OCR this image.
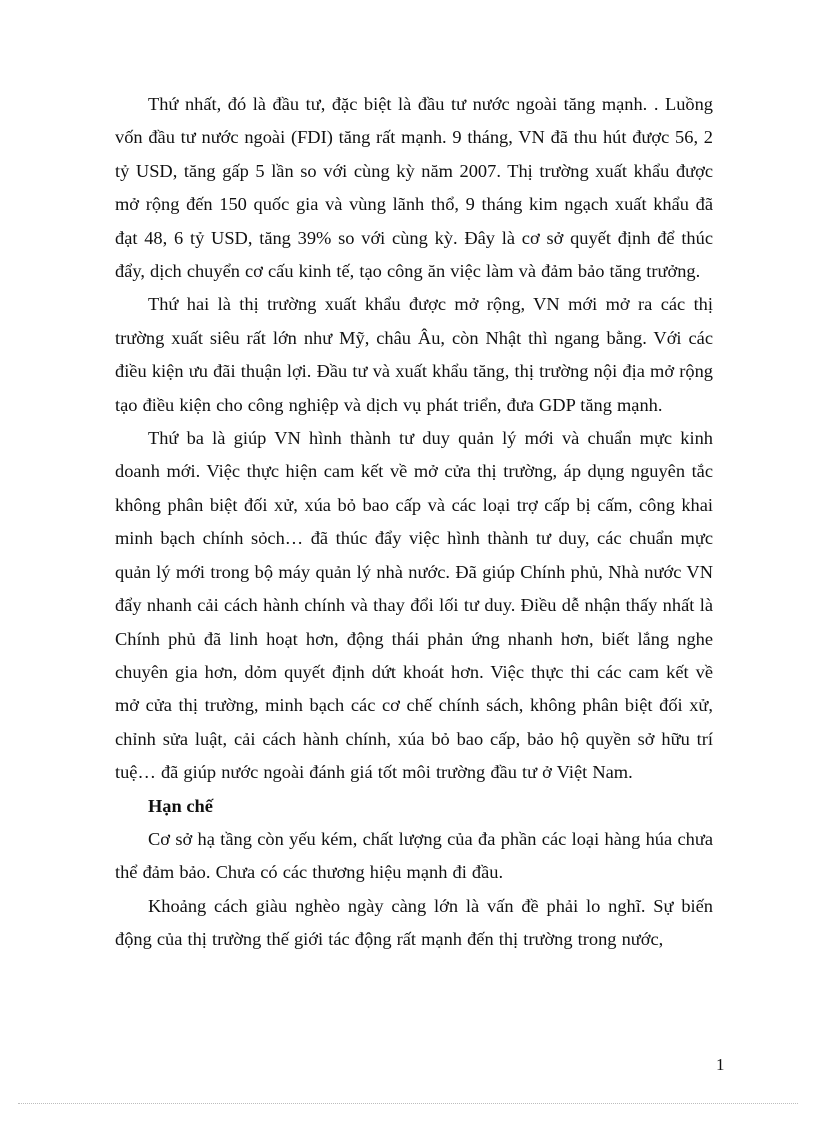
Thứ nhất, đó là đầu tư, đặc biệt là đầu tư nước ngoài tăng mạnh. . Luồng vốn đầu tư nước ngoài (FDI) tăng rất mạnh. 9 tháng, VN đã thu hút được 56, 2 tỷ USD, tăng gấp 5 lần so với cùng kỳ năm 2007. Thị trường xuất khẩu được mở rộng đến 150 quốc gia và vùng lãnh thổ, 9 tháng kim ngạch xuất khẩu đã đạt 48, 6 tỷ USD, tăng 39% so với cùng kỳ. Đây là cơ sở quyết định để thúc đẩy, dịch chuyển cơ cấu kinh tế, tạo công ăn việc làm và đảm bảo tăng trưởng.

Thứ hai là thị trường xuất khẩu được mở rộng, VN mới mở ra các thị trường xuất siêu rất lớn như Mỹ, châu Âu, còn Nhật thì ngang bằng. Với các điều kiện ưu đãi thuận lợi. Đầu tư và xuất khẩu tăng, thị trường nội địa mở rộng tạo điều kiện cho công nghiệp và dịch vụ phát triển, đưa GDP tăng mạnh.

Thứ ba là giúp VN hình thành tư duy quản lý mới và chuẩn mực kinh doanh mới. Việc thực hiện cam kết về mở cửa thị trường, áp dụng nguyên tắc không phân biệt đối xử, xúa bỏ bao cấp và các loại trợ cấp bị cấm, công khai minh bạch chính sỏch… đã thúc đẩy việc hình thành tư duy, các chuẩn mực quản lý mới trong bộ máy quản lý nhà nước. Đã giúp Chính phủ, Nhà nước VN đẩy nhanh cải cách hành chính và thay đổi lối tư duy. Điều dễ nhận thấy nhất là Chính phủ đã linh hoạt hơn, động thái phản ứng nhanh hơn, biết lắng nghe chuyên gia hơn, dỏm quyết định dứt khoát hơn. Việc thực thi các cam kết về mở cửa thị trường, minh bạch các cơ chế chính sách, không phân biệt đối xử, chỉnh sửa luật, cải cách hành chính, xúa bỏ bao cấp, bảo hộ quyền sở hữu trí tuệ… đã giúp nước ngoài đánh giá tốt môi trường đầu tư ở Việt Nam.

Hạn chế

Cơ sở hạ tầng còn yếu kém, chất lượng của đa phần các loại hàng húa chưa thể đảm bảo. Chưa có các thương hiệu mạnh đi đầu.

Khoảng cách giàu nghèo ngày càng lớn là vấn đề phải lo nghĩ. Sự biến động của thị trường thế giới tác động rất mạnh đến thị trường trong nước,

1
